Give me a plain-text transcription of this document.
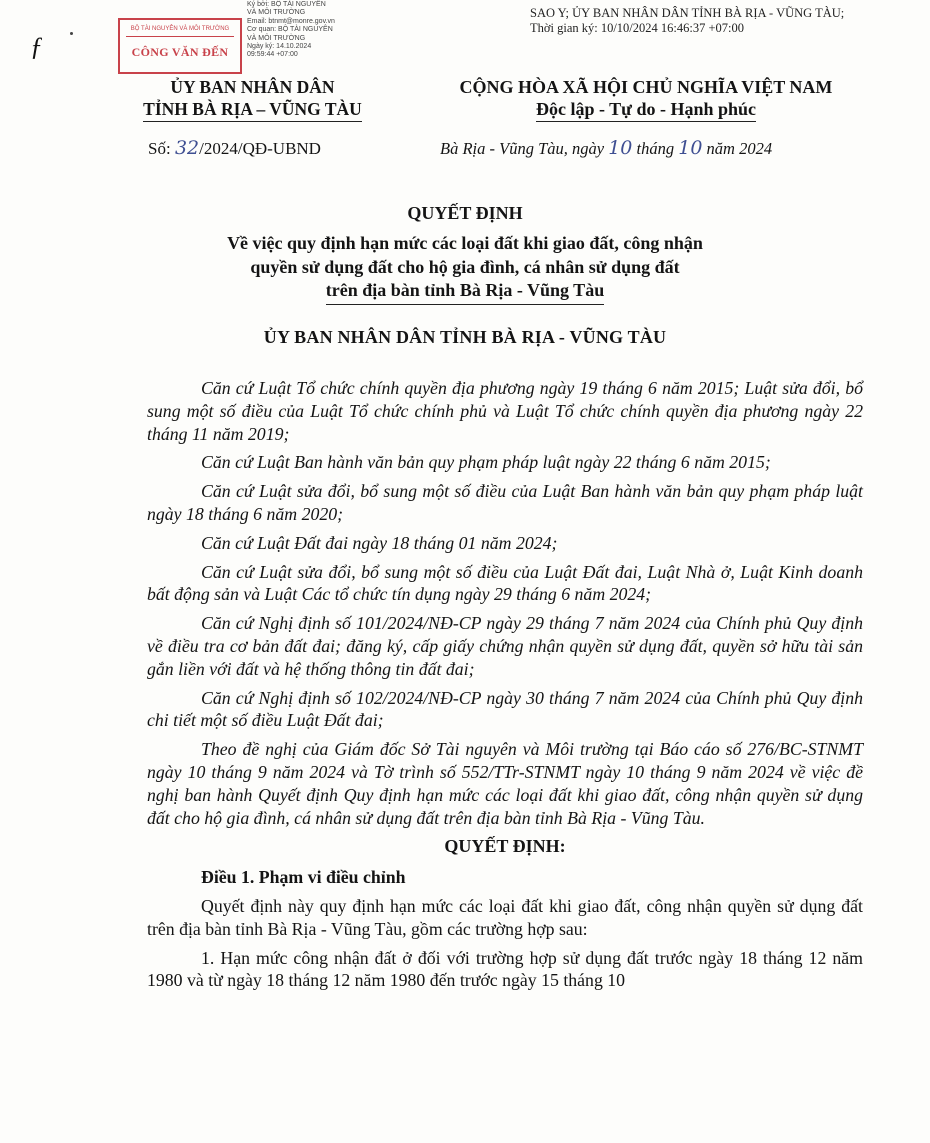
ƒ
BỘ TÀI NGUYÊN VÀ MÔI TRƯỜNG
CÔNG VĂN ĐẾN
Ký bởi: BỘ TÀI NGUYÊN
VÀ MÔI TRƯỜNG
Email: btnmt@monre.gov.vn
Cơ quan: BỘ TÀI NGUYÊN
VÀ MÔI TRƯỜNG
Ngày ký: 14.10.2024
09:59:44 +07:00
SAO Y; ỦY BAN NHÂN DÂN TỈNH BÀ RỊA - VŨNG TÀU;
Thời gian ký: 10/10/2024 16:46:37 +07:00
ỦY BAN NHÂN DÂN
TỈNH BÀ RỊA – VŨNG TÀU
CỘNG HÒA XÃ HỘI CHỦ NGHĨA VIỆT NAM
Độc lập - Tự do - Hạnh phúc
Số: 32/2024/QĐ-UBND	Bà Rịa - Vũng Tàu, ngày 10 tháng 10 năm 2024
QUYẾT ĐỊNH
Về việc quy định hạn mức các loại đất khi giao đất, công nhận
quyền sử dụng đất cho hộ gia đình, cá nhân sử dụng đất
trên địa bàn tỉnh Bà Rịa - Vũng Tàu
ỦY BAN NHÂN DÂN TỈNH BÀ RỊA - VŨNG TÀU

Căn cứ Luật Tổ chức chính quyền địa phương ngày 19 tháng 6 năm 2015; Luật sửa đổi, bổ sung một số điều của Luật Tổ chức chính phủ và Luật Tổ chức chính quyền địa phương ngày 22 tháng 11 năm 2019;

Căn cứ Luật Ban hành văn bản quy phạm pháp luật ngày 22 tháng 6 năm 2015;

Căn cứ Luật sửa đổi, bổ sung một số điều của Luật Ban hành văn bản quy phạm pháp luật ngày 18 tháng 6 năm 2020;

Căn cứ Luật Đất đai ngày 18 tháng 01 năm 2024;

Căn cứ Luật sửa đổi, bổ sung một số điều của Luật Đất đai, Luật Nhà ở, Luật Kinh doanh bất động sản và Luật Các tổ chức tín dụng ngày 29 tháng 6 năm 2024;

Căn cứ Nghị định số 101/2024/NĐ-CP ngày 29 tháng 7 năm 2024 của Chính phủ Quy định về điều tra cơ bản đất đai; đăng ký, cấp giấy chứng nhận quyền sử dụng đất, quyền sở hữu tài sản gắn liền với đất và hệ thống thông tin đất đai;

Căn cứ Nghị định số 102/2024/NĐ-CP ngày 30 tháng 7 năm 2024 của Chính phủ Quy định chi tiết một số điều Luật Đất đai;

Theo đề nghị của Giám đốc Sở Tài nguyên và Môi trường tại Báo cáo số 276/BC-STNMT ngày 10 tháng 9 năm 2024 và Tờ trình số 552/TTr-STNMT ngày 10 tháng 9 năm 2024 về việc đề nghị ban hành Quyết định Quy định hạn mức các loại đất khi giao đất, công nhận quyền sử dụng đất cho hộ gia đình, cá nhân sử dụng đất trên địa bàn tỉnh Bà Rịa - Vũng Tàu.

QUYẾT ĐỊNH:

Điều 1. Phạm vi điều chỉnh

Quyết định này quy định hạn mức các loại đất khi giao đất, công nhận quyền sử dụng đất trên địa bàn tỉnh Bà Rịa - Vũng Tàu, gồm các trường hợp sau:

1. Hạn mức công nhận đất ở đối với trường hợp sử dụng đất trước ngày 18 tháng 12 năm 1980 và từ ngày 18 tháng 12 năm 1980 đến trước ngày 15 tháng 10
